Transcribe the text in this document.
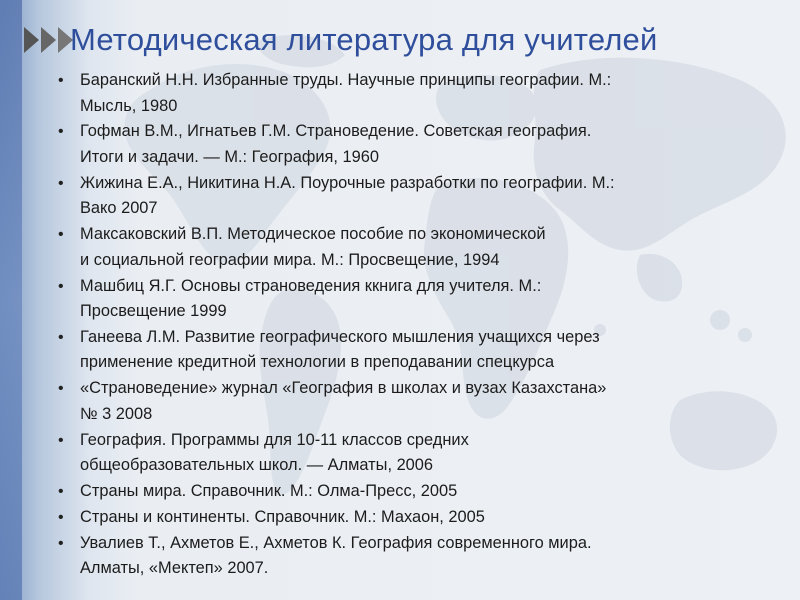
Методическая литература для учителей
• Баранский Н.Н. Избранные труды. Научные принципы географии. М.:
Мысль, 1980
• Гофман В.М., Игнатьев Г.М. Страноведение. Советская география.
Итоги и задачи. — М.: География, 1960
• Жижина Е.А., Никитина Н.А. Поурочные разработки по географии. М.:
Вако 2007
• Максаковский В.П. Методическое пособие по экономической
и социальной географии мира. М.: Просвещение, 1994
• Машбиц Я.Г. Основы страноведения ккнига для учителя. М.:
Просвещение 1999
• Ганеева Л.М. Развитие географического мышления учащихся через
применение кредитной технологии в преподавании спецкурса
• «Страноведение» журнал «География в школах и вузах Казахстана»
№ 3 2008
• География. Программы для 10-11 классов средних
общеобразовательных школ. — Алматы, 2006
• Страны мира. Справочник. М.: Олма-Пресс, 2005
• Страны и континенты. Справочник. М.: Махаон, 2005
• Увалиев Т., Ахметов Е., Ахметов К. География современного мира.
Алматы, «Мектеп» 2007.
